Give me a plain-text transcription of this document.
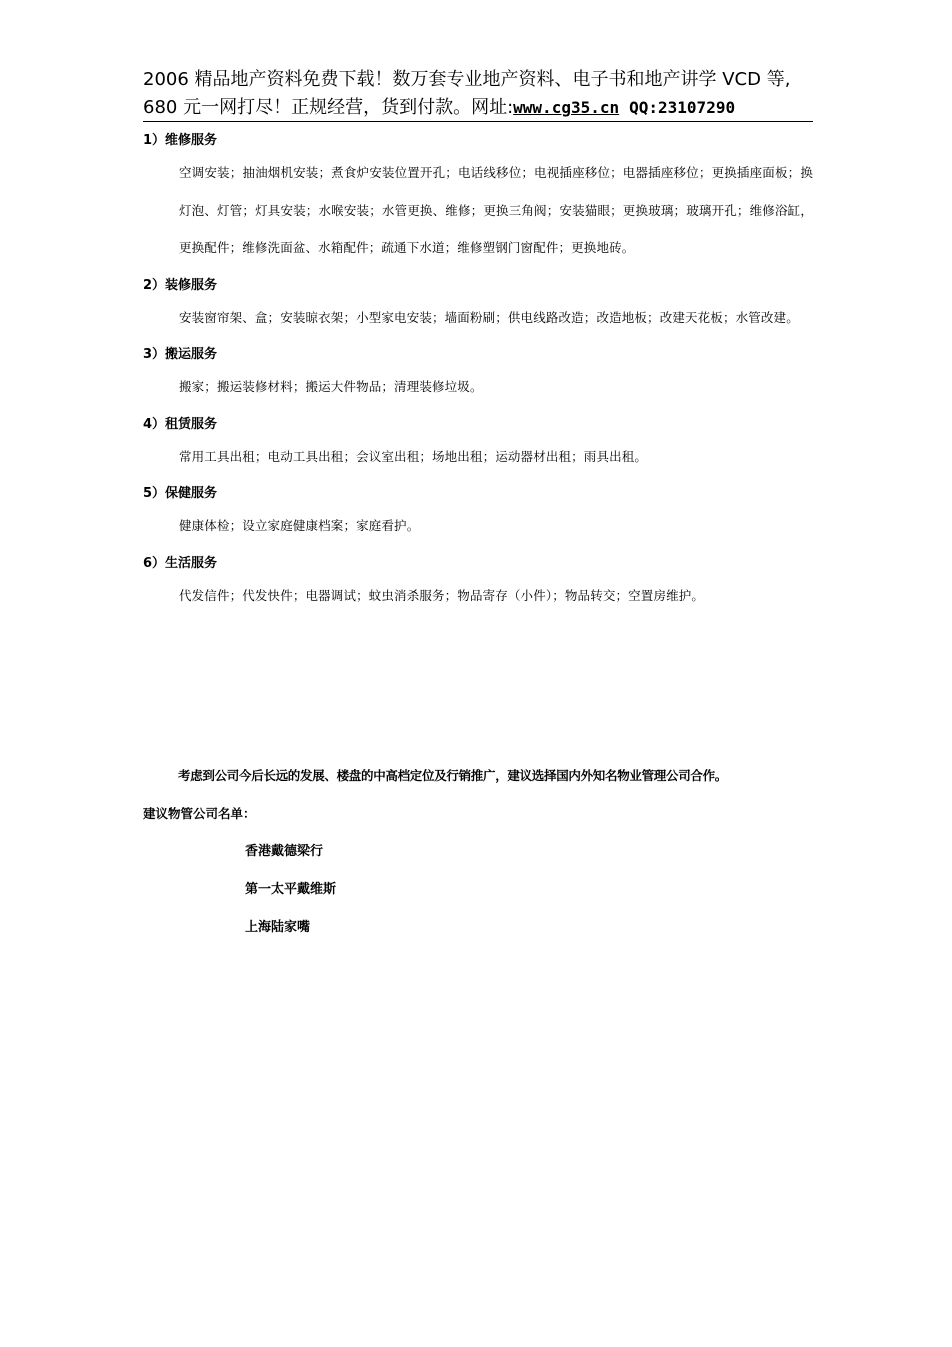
2006 精品地产资料免费下载！数万套专业地产资料、电子书和地产讲学 VCD 等,
680 元一网打尽！正规经营，货到付款。网址:www.cg35.cn QQ:23107290
1）维修服务
空调安装；抽油烟机安装；煮食炉安装位置开孔；电话线移位；电视插座移位；电器插座移位；更换插座面板；换灯泡、灯管；灯具安装；水喉安装；水管更换、维修；更换三角阀；安装猫眼；更换玻璃；玻璃开孔；维修浴缸，更换配件；维修洗面盆、水箱配件；疏通下水道；维修塑钢门窗配件；更换地砖。
2）装修服务
安装窗帘架、盒；安装晾衣架；小型家电安装；墙面粉刷；供电线路改造；改造地板；改建天花板；水管改建。
3）搬运服务
搬家；搬运装修材料；搬运大件物品；清理装修垃圾。
4）租赁服务
常用工具出租；电动工具出租；会议室出租；场地出租；运动器材出租；雨具出租。
5）保健服务
健康体检；设立家庭健康档案；家庭看护。
6）生活服务
代发信件；代发快件；电器调试；蚊虫消杀服务；物品寄存（小件）；物品转交；空置房维护。
考虑到公司今后长远的发展、楼盘的中高档定位及行销推广，建议选择国内外知名物业管理公司合作。
建议物管公司名单：
香港戴德梁行
第一太平戴维斯
上海陆家嘴
